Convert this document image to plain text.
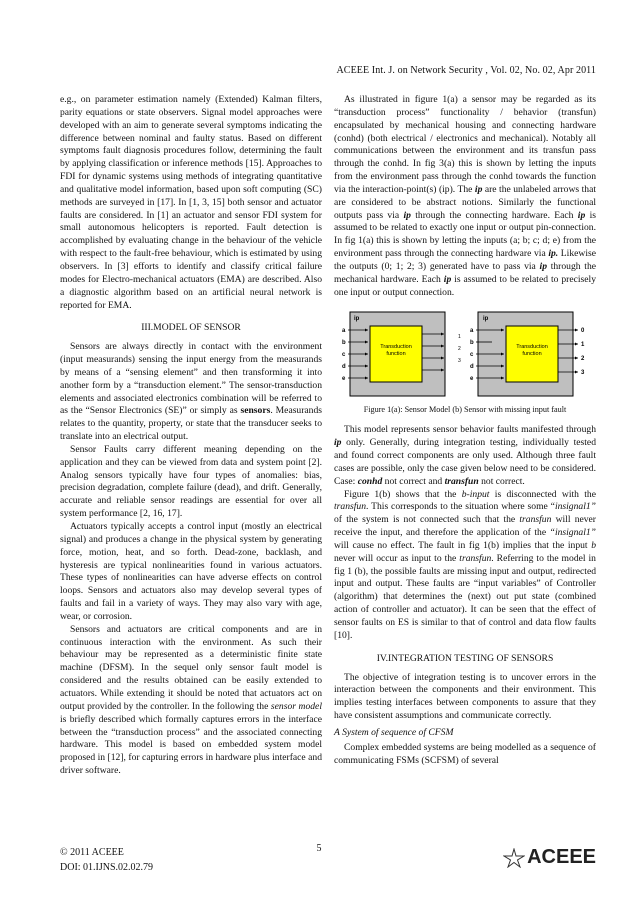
ACEEE Int. J. on Network Security , Vol. 02, No. 02, Apr 2011

e.g., on parameter estimation namely (Extended) Kalman filters, parity equations or state observers. Signal model approaches were developed with an aim to generate several symptoms indicating the difference between nominal and faulty status. Based on different symptoms fault diagnosis procedures follow, determining the fault by applying classification or inference methods [15]. Approaches to FDI for dynamic systems using methods of integrating quantitative and qualitative model information, based upon soft computing (SC) methods are surveyed in [17]. In [1, 3, 15] both sensor and actuator faults are considered. In [1] an actuator and sensor FDI system for small autonomous helicopters is reported. Fault detection is accomplished by evaluating change in the behaviour of the vehicle with respect to the fault-free behaviour, which is estimated by using observers. In [3] efforts to identify and classify critical failure modes for Electro-mechanical actuators (EMA) are described. Also a diagnostic algorithm based on an artificial neural network is reported for EMA.

III.MODEL OF SENSOR

Sensors are always directly in contact with the environment (input measurands) sensing the input energy from the measurands by means of a “sensing element” and then transforming it into another form by a “transduction element.” The sensor-transduction elements and associated electronics combination will be referred to as the “Sensor Electronics (SE)” or simply as sensors. Measurands relates to the quantity, property, or state that the transducer seeks to translate into an electrical output.

Sensor Faults carry different meaning depending on the application and they can be viewed from data and system point [2]. Analog sensors typically have four types of anomalies: bias, precision degradation, complete failure (dead), and drift. Generally, accurate and reliable sensor readings are essential for over all system performance [2, 16, 17].

Actuators typically accepts a control input (mostly an electrical signal) and produces a change in the physical system by generating force, motion, heat, and so forth. Dead-zone, backlash, and hysteresis are typical nonlinearities found in various actuators. These types of nonlinearities can have adverse effects on control loops. Sensors and actuators also may develop several types of faults and fail in a variety of ways. They may also vary with age, wear, or corrosion.

Sensors and actuators are critical components and are in continuous interaction with the environment. As such their behaviour may be represented as a deterministic finite state machine (DFSM). In the sequel only sensor fault model is considered and the results obtained can be easily extended to actuators. While extending it should be noted that actuators act on output provided by the controller. In the following the sensor model is briefly described which formally captures errors in the interface between the “transduction process” and the associated connecting hardware. This model is based on embedded system model proposed in [12], for capturing errors in hardware plus interface and driver software.

As illustrated in figure 1(a) a sensor may be regarded as its “transduction process” functionality / behavior (transfun) encapsulated by mechanical housing and connecting hardware (conhd) (both electrical / electronics and mechanical). Notably all communications between the environment and its transfun pass through the conhd. In fig 3(a) this is shown by letting the inputs from the environment pass through the conhd towards the function via the interaction-point(s) (ip). The ip are the unlabeled arrows that are considered to be abstract notions. Similarly the functional outputs pass via ip through the connecting hardware. Each ip is assumed to be related to exactly one input or output pin-connection. In fig 1(a) this is shown by letting the inputs (a; b; c; d; e) from the environment pass through the connecting hardware via ip. Likewise the outputs (0; 1; 2; 3) generated have to pass via ip through the mechanical hardware. Each ip is assumed to be related to precisely one input or output connection.

ip
Transduction
function
a
b
c
d
e
1
2
3
ip
Transduction
function
a
b
c
d
e
0
1
2
3
Figure 1(a): Sensor Model (b) Sensor with missing input fault

This model represents sensor behavior faults manifested through ip only. Generally, during integration testing, individually tested and found correct components are only used. Although three fault cases are possible, only the case given below need to be considered. Case: conhd not correct and transfun not correct.

Figure 1(b) shows that the b-input is disconnected with the transfun. This corresponds to the situation where some “insignal1” of the system is not connected such that the transfun will never receive the input, and therefore the application of the “insignal1” will cause no effect. The fault in fig 1(b) implies that the input b never will occur as input to the transfun. Referring to the model in fig 1 (b), the possible faults are missing input and output, redirected input and output. These faults are “input variables” of Controller (algorithm) that determines the (next) out put state (combined action of controller and actuator). It can be seen that the effect of sensor faults on ES is similar to that of control and data flow faults [10].

IV.INTEGRATION TESTING OF SENSORS

The objective of integration testing is to uncover errors in the interaction between the components and their environment. This implies testing interfaces between components to assure that they have consistent assumptions and communicate correctly.

A System of sequence of CFSM

Complex embedded systems are being modelled as a sequence of communicating FSMs (SCFSM) of several

© 2011 ACEEE
DOI: 01.IJNS.02.02.79
5	ACEEE
